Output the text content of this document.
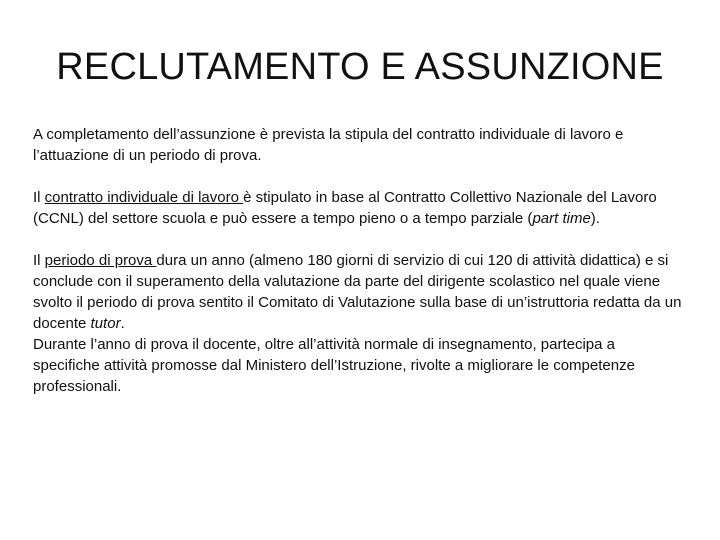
RECLUTAMENTO E ASSUNZIONE

A completamento dell’assunzione è prevista la stipula del contratto individuale di lavoro e l’attuazione di un periodo di prova.

Il contratto individuale di lavoro è stipulato in base al Contratto Collettivo Nazionale del Lavoro (CCNL) del settore scuola e può essere a tempo pieno o a tempo parziale (part time).

Il periodo di prova dura un anno (almeno 180 giorni di servizio di cui 120 di attività didattica) e si conclude con il superamento della valutazione da parte del dirigente scolastico nel quale viene svolto il periodo di prova sentito il Comitato di Valutazione sulla base di un’istruttoria redatta da un docente tutor.

Durante l’anno di prova il docente, oltre all’attività normale di insegnamento, partecipa a specifiche attività promosse dal Ministero dell’Istruzione, rivolte a migliorare le competenze professionali.
